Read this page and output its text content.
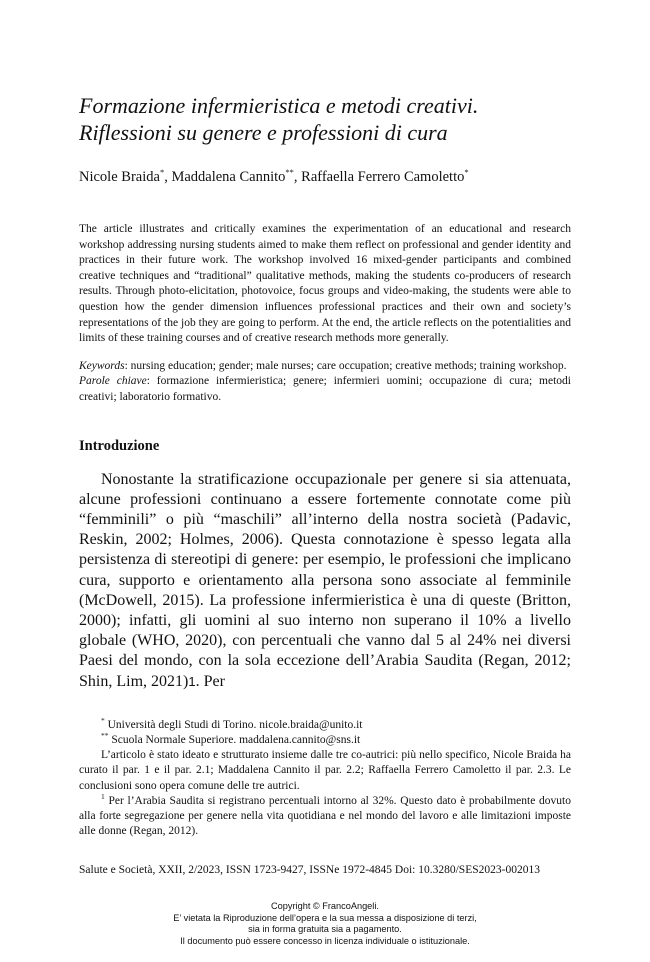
Formazione infermieristica e metodi creativi.
Riflessioni su genere e professioni di cura
Nicole Braida*, Maddalena Cannito**, Raffaella Ferrero Camoletto*
The article illustrates and critically examines the experimentation of an educational and research workshop addressing nursing students aimed to make them reflect on professional and gender identity and practices in their future work. The workshop involved 16 mixed-gender participants and combined creative techniques and “traditional” qualitative methods, making the students co-producers of research results. Through photo-elicitation, photovoice, focus groups and video-making, the students were able to question how the gender dimension influences professional practices and their own and society’s representations of the job they are going to perform. At the end, the article reflects on the potentialities and limits of these training courses and of creative research methods more generally.

Keywords: nursing education; gender; male nurses; care occupation; creative methods; training workshop.

Parole chiave: formazione infermieristica; genere; infermieri uomini; occupazione di cura; metodi creativi; laboratorio formativo.

Introduzione
Nonostante la stratificazione occupazionale per genere si sia attenuata, alcune professioni continuano a essere fortemente connotate come più “femminili” o più “maschili” all’interno della nostra società (Padavic, Reskin, 2002; Holmes, 2006). Questa connotazione è spesso legata alla persistenza di stereotipi di genere: per esempio, le professioni che implicano cura, supporto e orientamento alla persona sono associate al femminile (McDowell, 2015). La professione infermieristica è una di queste (Britton, 2000); infatti, gli uomini al suo interno non superano il 10% a livello globale (WHO, 2020), con percentuali che vanno dal 5 al 24% nei diversi Paesi del mondo, con la sola eccezione dell’Arabia Saudita (Regan, 2012; Shin, Lim, 2021)1. Per

* Università degli Studi di Torino. nicole.braida@unito.it

** Scuola Normale Superiore. maddalena.cannito@sns.it

L’articolo è stato ideato e strutturato insieme dalle tre co-autrici: più nello specifico, Nicole Braida ha curato il par. 1 e il par. 2.1; Maddalena Cannito il par. 2.2; Raffaella Ferrero Camoletto il par. 2.3. Le conclusioni sono opera comune delle tre autrici.

$^1$ Per l’Arabia Saudita si registrano percentuali intorno al 32%. Questo dato è probabilmente dovuto alla forte segregazione per genere nella vita quotidiana e nel mondo del lavoro e alle limitazioni imposte alle donne (Regan, 2012).

Salute e Società, XXII, 2/2023, ISSN 1723-9427, ISSNe 1972-4845 Doi: 10.3280/SES2023-002013
Copyright © FrancoAngeli.
E’ vietata la Riproduzione dell’opera e la sua messa a disposizione di terzi,
sia in forma gratuita sia a pagamento.
Il documento può essere concesso in licenza individuale o istituzionale.
